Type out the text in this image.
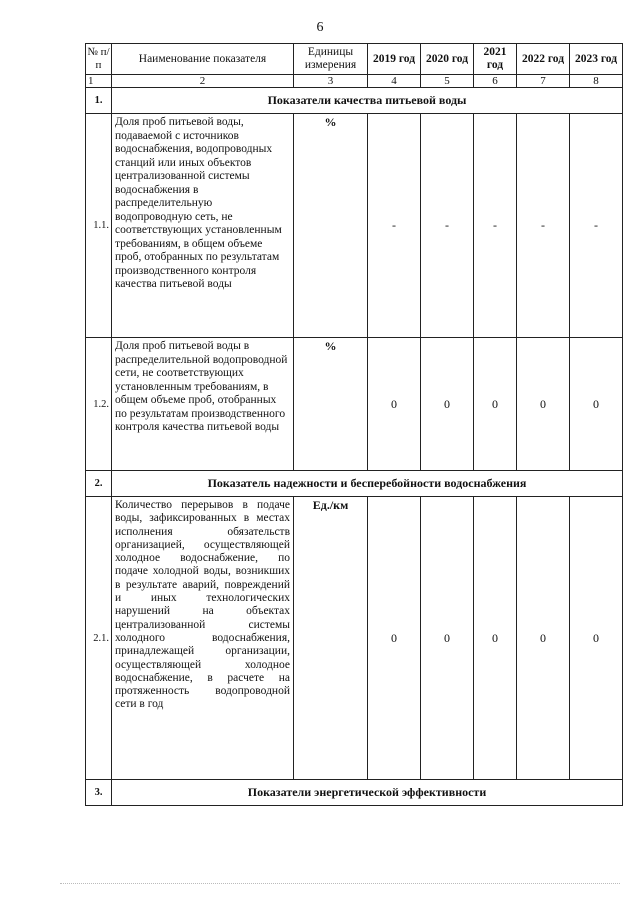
6
№ п/п	Наименование показателя	Единицы измерения	2019 год	2020 год	2021 год	2022 год	2023 год
1	2	3	4	5	6	7	8
1.	Показатели качества питьевой воды						
1.1.	Доля проб питьевой воды, подаваемой с источников водоснабжения, водопроводных станций или иных объектов централизованной системы водоснабжения в распределительную водопроводную сеть, не соответствующих установленным требованиям, в общем объеме проб, отобранных по результатам производственного контроля качества питьевой воды	%	-	-	-	-	-
1.2.	Доля проб питьевой воды в распределительной водопроводной сети, не соответствующих установленным требованиям, в общем объеме проб, отобранных по результатам производственного контроля качества питьевой воды	%	0	0	0	0	0
2.	Показатель надежности и бесперебойности водоснабжения						
2.1.	Количество перерывов в подаче воды, зафиксированных в местах исполнения обязательств организацией, осуществляющей холодное водоснабжение, по подаче холодной воды, возникших в результате аварий, повреждений и иных технологических нарушений на объектах централизованной системы холодного водоснабжения, принадлежащей организации, осуществляющей холодное водоснабжение, в расчете на протяженность водопроводной сети в год	Ед./км	0	0	0	0	0
3.	Показатели энергетической эффективности						
